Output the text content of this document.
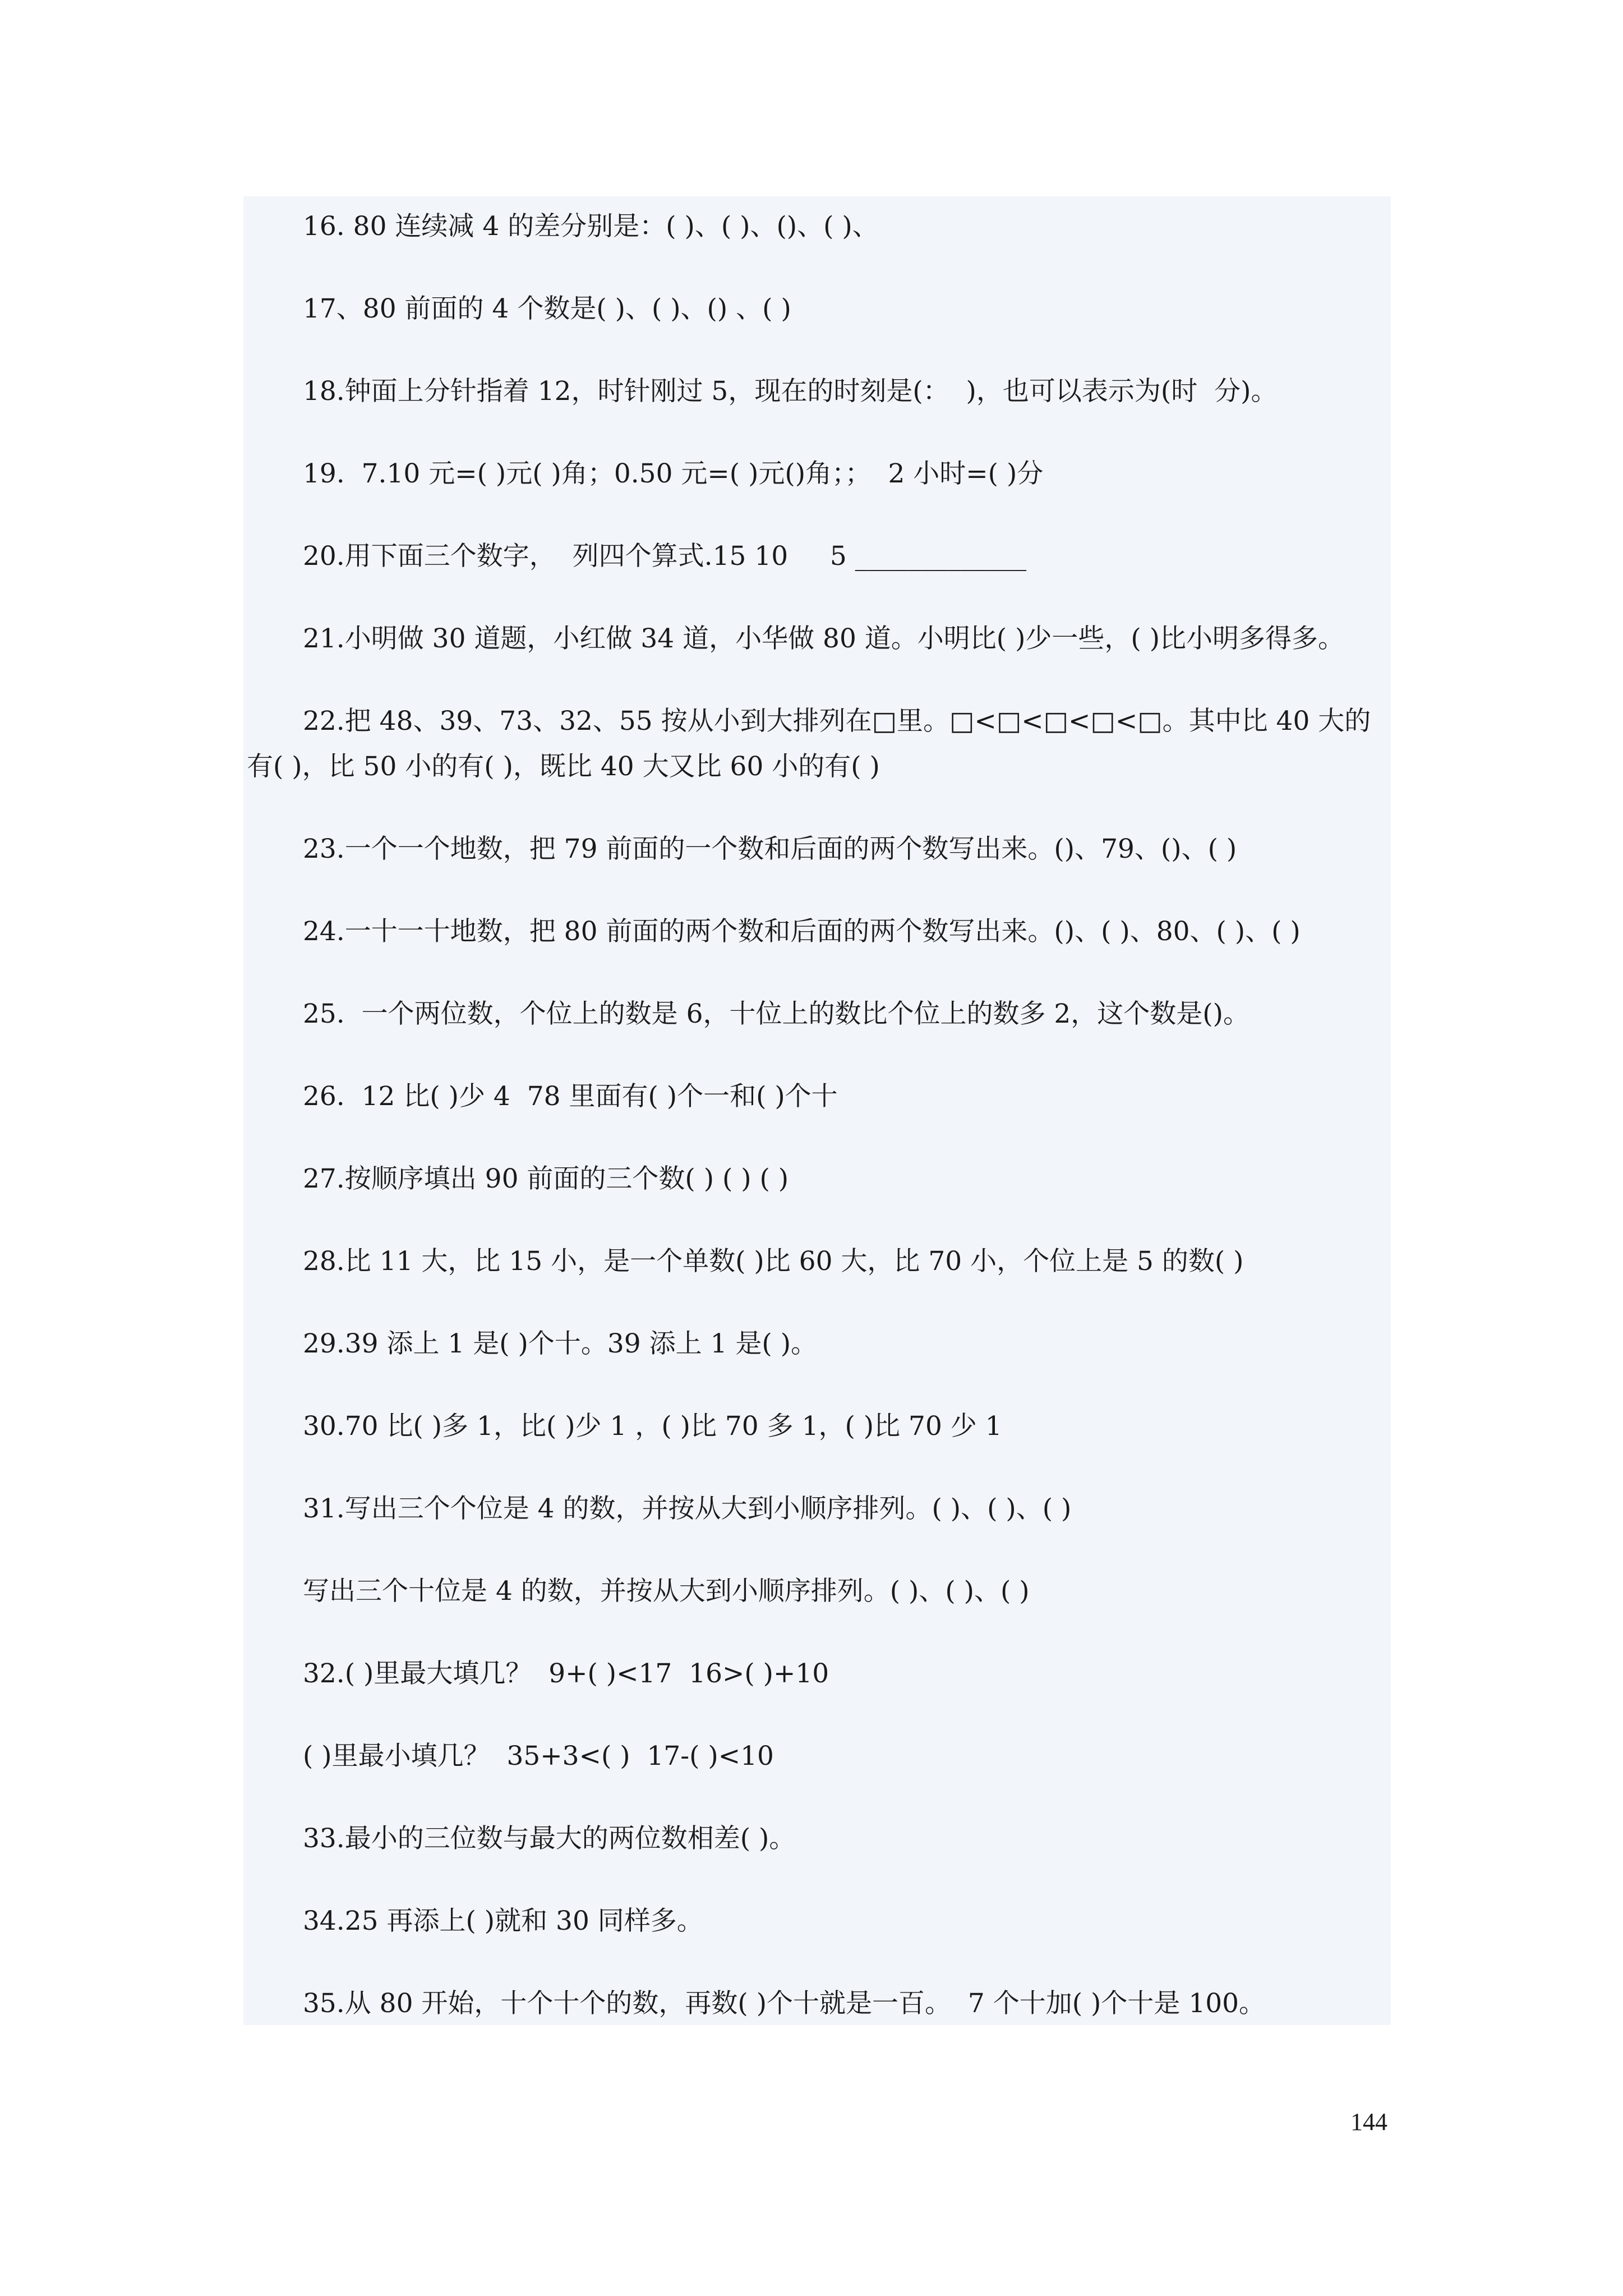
16. 80 连续减 4 的差分别是：( )、( )、()、( )、
17、80 前面的 4 个数是( )、( )、() 、( )
18.钟面上分针指着 12，时针刚过 5，现在的时刻是(：  )，也可以表示为(时  分)。
19.  7.10 元=( )元( )角；0.50 元=( )元()角；；  2 小时=( )分
20.用下面三个数字，  列四个算式.15 10     5 _____________
21.小明做 30 道题，小红做 34 道，小华做 80 道。小明比( )少一些，( )比小明多得多。
22.把 48、39、73、32、55 按从小到大排列在□里。□<□<□<□<□。其中比 40 大的
有( )，比 50 小的有( )，既比 40 大又比 60 小的有( )
23.一个一个地数，把 79 前面的一个数和后面的两个数写出来。()、79、()、( )
24.一十一十地数，把 80 前面的两个数和后面的两个数写出来。()、( )、80、( )、( )
25.  一个两位数，个位上的数是 6，十位上的数比个位上的数多 2，这个数是()。
26.  12 比( )少 4  78 里面有( )个一和( )个十
27.按顺序填出 90 前面的三个数( ) ( ) ( )
28.比 11 大，比 15 小，是一个单数( )比 60 大，比 70 小，个位上是 5 的数( )
29.39 添上 1 是( )个十。39 添上 1 是( )。
30.70 比( )多 1，比( )少 1 ，( )比 70 多 1，( )比 70 少 1
31.写出三个个位是 4 的数，并按从大到小顺序排列。( )、( )、( )
写出三个十位是 4 的数，并按从大到小顺序排列。( )、( )、( )
32.( )里最大填几？  9+( )<17  16>( )+10
( )里最小填几？  35+3<( )  17-( )<10
33.最小的三位数与最大的两位数相差( )。
34.25 再添上( )就和 30 同样多。
35.从 80 开始，十个十个的数，再数( )个十就是一百。  7 个十加( )个十是 100。
144
